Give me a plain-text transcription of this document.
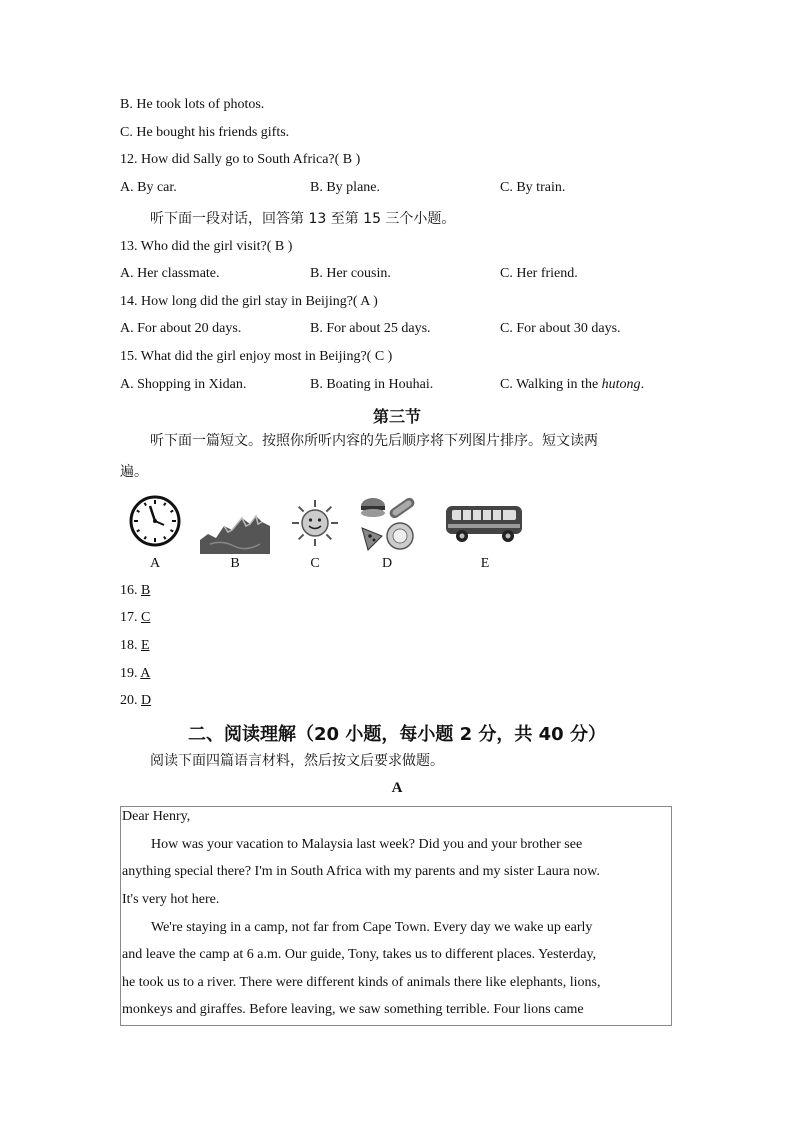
B. He took lots of photos.
C. He bought his friends gifts.
12. How did Sally go to South Africa?( B )
A. By car.	B. By plane.	C. By train.
听下面一段对话，回答第 13 至第 15 三个小题。
13. Who did the girl visit?( B )
A. Her classmate.	B. Her cousin.	C. Her friend.
14. How long did the girl stay in Beijing?( A )
A. For about 20 days.	B. For about 25 days.	C. For about 30 days.
15. What did the girl enjoy most in Beijing?( C )
A. Shopping in Xidan.	B. Boating in Houhai.	C. Walking in the hutong.
第三节
听下面一篇短文。按照你所听内容的先后顺序将下列图片排序。短文读两
遍。
A	B	C	D	E
16. B
17. C
18. E
19. A
20. D
二、阅读理解（20 小题，每小题 2 分，共 40 分）
阅读下面四篇语言材料，然后按文后要求做题。
A
Dear Henry,
How was your vacation to Malaysia last week? Did you and your brother see
anything special there? I'm in South Africa with my parents and my sister Laura now.
It's very hot here.
We're staying in a camp, not far from Cape Town. Every day we wake up early
and leave the camp at 6 a.m. Our guide, Tony, takes us to different places. Yesterday,
he took us to a river. There were different kinds of animals there like elephants, lions,
monkeys and giraffes. Before leaving, we saw something terrible. Four lions came
